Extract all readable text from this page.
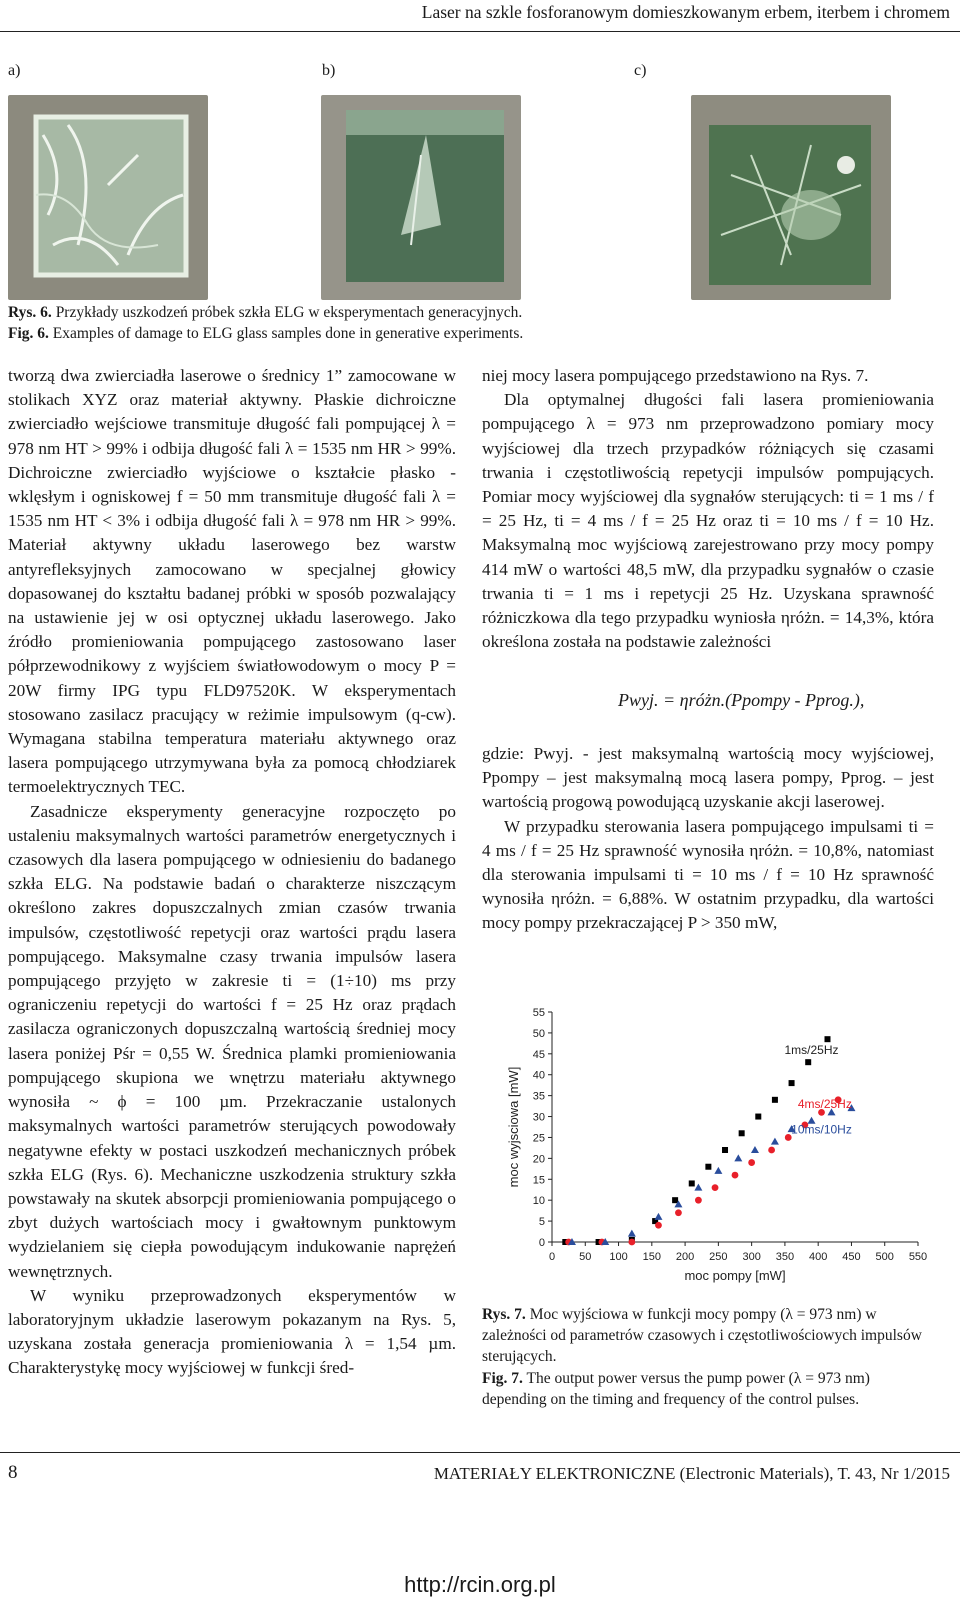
Laser na szkle fosforanowym domieszkowanym erbem, iterbem i chromem
a)	b)	c)
Rys. 6. Przykłady uszkodzeń próbek szkła ELG w eksperymentach generacyjnych.
Fig. 6. Examples of damage to ELG glass samples done in generative experiments.

tworzą dwa zwierciadła laserowe o średnicy 1” zamocowane w stolikach XYZ oraz materiał aktywny. Płaskie dichroiczne zwierciadło wejściowe transmituje długość fali pompującej λ = 978 nm HT > 99% i odbija długość fali λ = 1535 nm HR > 99%. Dichroiczne zwierciadło wyjściowe o kształcie płasko - wklęsłym i ogniskowej f = 50 mm transmituje długość fali λ = 1535 nm HT < 3% i odbija długość fali λ = 978 nm HR > 99%. Materiał aktywny układu laserowego bez warstw antyrefleksyjnych zamocowano w specjalnej głowicy dopasowanej do kształtu badanej próbki w sposób pozwalający na ustawienie jej w osi optycznej układu laserowego. Jako źródło promieniowania pompującego zastosowano laser półprzewodnikowy z wyjściem światłowodowym o mocy P = 20W firmy IPG typu FLD97520K. W eksperymentach stosowano zasilacz pracujący w reżimie impulsowym (q-cw). Wymagana stabilna temperatura materiału aktywnego oraz lasera pompującego utrzymywana była za pomocą chłodziarek termoelektrycznych TEC.

Zasadnicze eksperymenty generacyjne rozpoczęto po ustaleniu maksymalnych wartości parametrów energetycznych i czasowych dla lasera pompującego w odniesieniu do badanego szkła ELG. Na podstawie badań o charakterze niszczącym określono zakres dopuszczalnych zmian czasów trwania impulsów, częstotliwość repetycji oraz wartości prądu lasera pompującego. Maksymalne czasy trwania impulsów lasera pompującego przyjęto w zakresie ti = (1÷10) ms przy ograniczeniu repetycji do wartości f = 25 Hz oraz prądach zasilacza ograniczonych dopuszczalną wartością średniej mocy lasera poniżej Pśr = 0,55 W. Średnica plamki promieniowania pompującego skupiona we wnętrzu materiału aktywnego wynosiła ~ ϕ = 100 µm. Przekraczanie ustalonych maksymalnych wartości parametrów sterujących powodowały negatywne efekty w postaci uszkodzeń mechanicznych próbek szkła ELG (Rys. 6). Mechaniczne uszkodzenia struktury szkła powstawały na skutek absorpcji promieniowania pompującego o zbyt dużych wartościach mocy i gwałtownym punktowym wydzielaniem się ciepła powodującym indukowanie naprężeń wewnętrznych.

W wyniku przeprowadzonych eksperymentów w laboratoryjnym układzie laserowym pokazanym na Rys. 5, uzyskana została generacja promieniowania λ = 1,54 µm. Charakterystykę mocy wyjściowej w funkcji śred-

niej mocy lasera pompującego przedstawiono na Rys. 7.

Dla optymalnej długości fali lasera promieniowania pompującego λ = 973 nm przeprowadzono pomiary mocy wyjściowej dla trzech przypadków różniących się czasami trwania i częstotliwością repetycji impulsów pompujących. Pomiar mocy wyjściowej dla sygnałów sterujących: ti = 1 ms / f = 25 Hz, ti = 4 ms / f = 25 Hz oraz ti = 10 ms / f = 10 Hz. Maksymalną moc wyjściową zarejestrowano przy mocy pompy 414 mW o wartości 48,5 mW, dla przypadku sygnałów o czasie trwania ti = 1 ms i repetycji 25 Hz. Uzyskana sprawność różniczkowa dla tego przypadku wyniosła ηróżn. = 14,3%, która określona została na podstawie zależności

Pwyj. = ηróżn.(Ppompy - Pprog.),

gdzie: Pwyj. - jest maksymalną wartością mocy wyjściowej, Ppompy – jest maksymalną mocą lasera pompy, Pprog. – jest wartością progową powodującą uzyskanie akcji laserowej.

W przypadku sterowania lasera pompującego impulsami ti = 4 ms / f = 25 Hz sprawność wynosiła ηróżn. = 10,8%, natomiast dla sterowania impulsami ti = 10 ms / f = 10 Hz sprawność wynosiła ηróżn. = 6,88%. W ostatnim przypadku, dla wartości mocy pompy przekraczającej P > 350 mW,

0 50 100 150 200 250 300 350 400 450 500 550
0
5
10
15
20
25
30
35
40
45
50
55
moc pompy [mW]
moc wyjsciowa [mW]
1ms/25Hz
4ms/25Hz
10ms/10Hz
Rys. 7. Moc wyjściowa w funkcji mocy pompy (λ = 973 nm) w zależności od parametrów czasowych i częstotliwościowych impulsów sterujących.
Fig. 7. The output power versus the pump power (λ = 973 nm) depending on the timing and frequency of the control pulses.
8	MATERIAŁY ELEKTRONICZNE (Electronic Materials), T. 43, Nr 1/2015
http://rcin.org.pl
